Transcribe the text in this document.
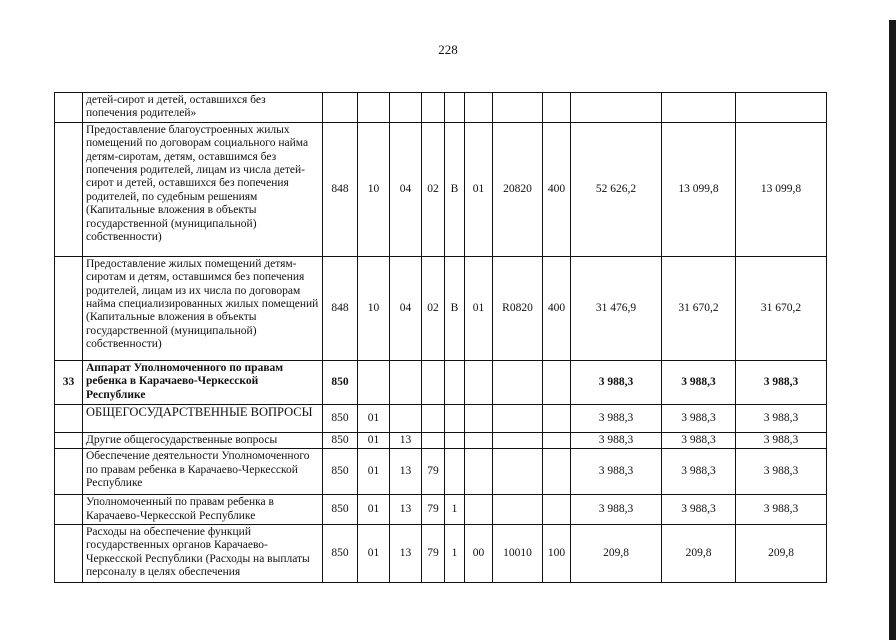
228
	детей-сирот и детей, оставшихся без попечения родителей»											
	Предоставление благоустроенных жилых помещений по договорам социального найма детям-сиротам, детям, оставшимся без попечения родителей, лицам из числа детей-сирот и детей, оставшихся без попечения родителей, по судебным решениям (Капитальные вложения в объекты государственной (муниципальной) собственности)	848	10	04	02	В	01	20820	400	52 626,2	13 099,8	13 099,8
	Предоставление жилых помещений детям-сиротам и детям, оставшимся без попечения родителей, лицам из их числа по договорам найма специализированных жилых помещений (Капитальные вложения в объекты государственной (муниципальной) собственности)	848	10	04	02	В	01	R0820	400	31 476,9	31 670,2	31 670,2
33	Аппарат Уполномоченного по правам ребенка в Карачаево-Черкесской Республике	850								3 988,3	3 988,3	3 988,3
	ОБЩЕГОСУДАРСТВЕННЫЕ ВОПРОСЫ	850	01							3 988,3	3 988,3	3 988,3
	Другие общегосударственные вопросы	850	01	13						3 988,3	3 988,3	3 988,3
	Обеспечение деятельности Уполномоченного по правам ребенка в Карачаево-Черкесской Республике	850	01	13	79					3 988,3	3 988,3	3 988,3
	Уполномоченный по правам ребенка в Карачаево-Черкесской Республике	850	01	13	79	1				3 988,3	3 988,3	3 988,3
	Расходы на обеспечение функций государственных органов Карачаево-Черкесской Республики (Расходы на выплаты персоналу в целях обеспечения	850	01	13	79	1	00	10010	100	209,8	209,8	209,8
